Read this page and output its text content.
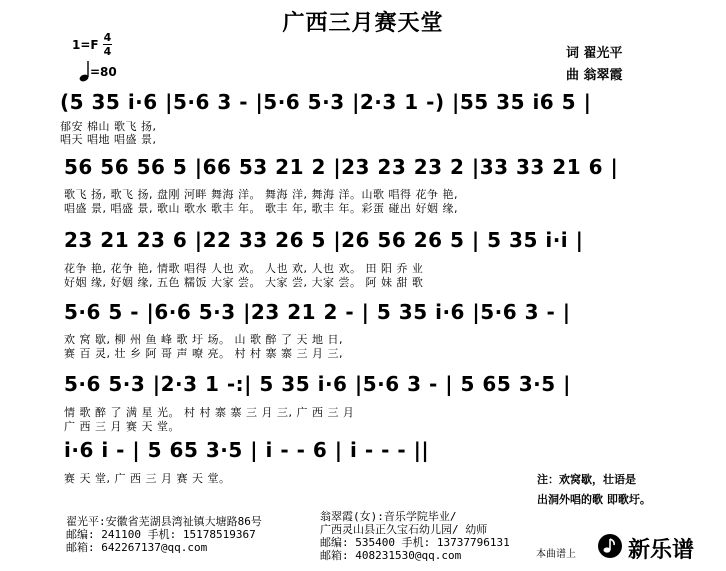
广西三月赛天堂
1=F
4
4
=80
词 翟光平
曲 翁翠霞
(5 35 i·6 |5·6 3 - |5·6 5·3 |2·3 1 -) |55 35 i6 5 |
郁安 棉山 歌飞 扬,
唱天 唱地 唱盛 景,
56 56 56 5 |66 53 21 2 |23 23 23 2 |33 33 21 6 |
歌飞 扬, 歌飞 扬, 盘刚 河畔 舞海 洋。 舞海 洋, 舞海 洋。山歌 唱得 花争 艳,
唱盛 景, 唱盛 景, 歌山 歌水 歌丰 年。 歌丰 年, 歌丰 年。彩蛋 碰出 好姻 缘,
23 21 23 6 |22 33 26 5 |26 56 26 5 | 5 35 i·i |
花争 艳, 花争 艳, 情歌 唱得 人也 欢。 人也 欢, 人也 欢。 田 阳 乔 业
好姻 缘, 好姻 缘, 五色 糯饭 大家 尝。 大家 尝, 大家 尝。 阿 妹 甜 歌
5·6 5 - |6·6 5·3 |23 21 2 - | 5 35 i·6 |5·6 3 - |
欢 窝 歇, 柳 州 鱼 峰 歌 圩 场。 山 歌 醉 了 天 地 日,
赛 百 灵, 壮 乡 阿 哥 声 嘹 亮。 村 村 寨 寨 三 月 三,
5·6 5·3 |2·3 1 -:| 5 35 i·6 |5·6 3 - | 5 65 3·5 |
情 歌 醉 了 满 星 光。 村 村 寨 寨 三 月 三, 广 西 三 月
广 西 三 月 赛 天 堂。
i·6 i - | 5 65 3·5 | i - - 6 | i - - - ||
赛 天 堂, 广 西 三 月 赛 天 堂。	注：欢窝歇，壮语是
出洞外唱的歌 即歌圩。
翟光平:安徽省芜湖县湾祉镇大塘路86号
邮编: 241100 手机: 15178519367
邮箱: 642267137@qq.com
翁翠霞(女):音乐学院毕业/
广西灵山县正久宝石幼儿园/ 幼师
邮编: 535400 手机: 13737796131
邮箱: 408231530@qq.com	本曲谱上 新乐谱
